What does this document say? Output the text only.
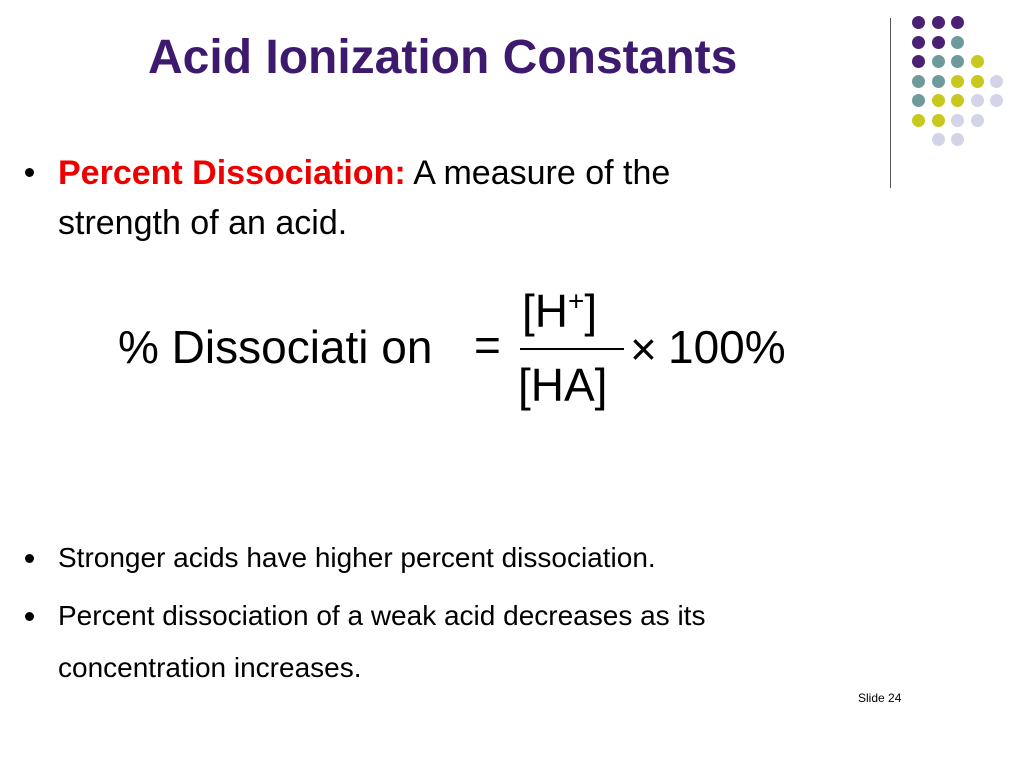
Acid Ionization Constants
Percent Dissociation: A measure of the
strength of an acid.
% Dissociati on =
[H+]
[HA]
× 100%
Stronger acids have higher percent dissociation.
Percent dissociation of a weak acid decreases as its
concentration increases.
Slide 24
